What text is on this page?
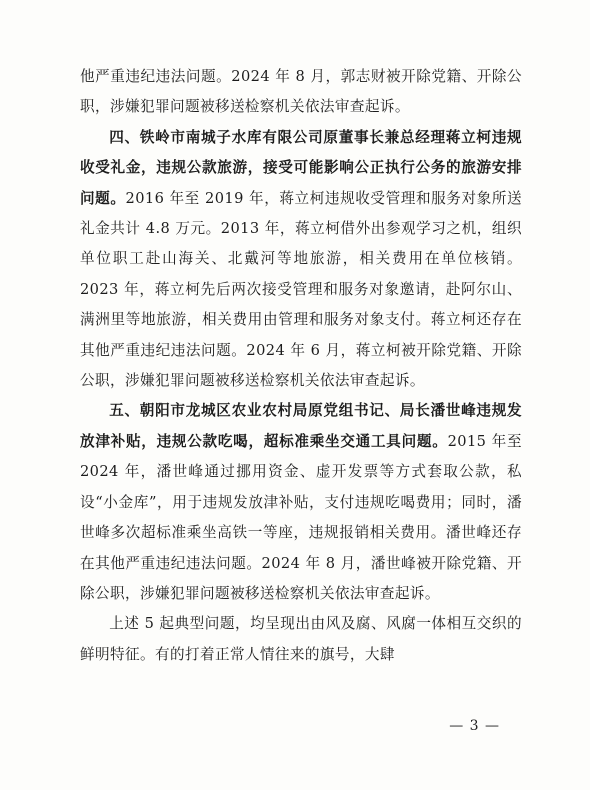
他严重违纪违法问题。2024 年 8 月，郭志财被开除党籍、开除公职，涉嫌犯罪问题被移送检察机关依法审查起诉。

四、铁岭市南城子水库有限公司原董事长兼总经理蒋立柯违规收受礼金，违规公款旅游，接受可能影响公正执行公务的旅游安排问题。2016 年至 2019 年，蒋立柯违规收受管理和服务对象所送礼金共计 4.8 万元。2013 年，蒋立柯借外出参观学习之机，组织单位职工赴山海关、北戴河等地旅游，相关费用在单位核销。2023 年，蒋立柯先后两次接受管理和服务对象邀请，赴阿尔山、满洲里等地旅游，相关费用由管理和服务对象支付。蒋立柯还存在其他严重违纪违法问题。2024 年 6 月，蒋立柯被开除党籍、开除公职，涉嫌犯罪问题被移送检察机关依法审查起诉。

五、朝阳市龙城区农业农村局原党组书记、局长潘世峰违规发放津补贴，违规公款吃喝，超标准乘坐交通工具问题。2015 年至 2024 年，潘世峰通过挪用资金、虚开发票等方式套取公款，私设“小金库”，用于违规发放津补贴，支付违规吃喝费用；同时，潘世峰多次超标准乘坐高铁一等座，违规报销相关费用。潘世峰还存在其他严重违纪违法问题。2024 年 8 月，潘世峰被开除党籍、开除公职，涉嫌犯罪问题被移送检察机关依法审查起诉。

上述 5 起典型问题，均呈现出由风及腐、风腐一体相互交织的鲜明特征。有的打着正常人情往来的旗号，大肆

— 3 —
